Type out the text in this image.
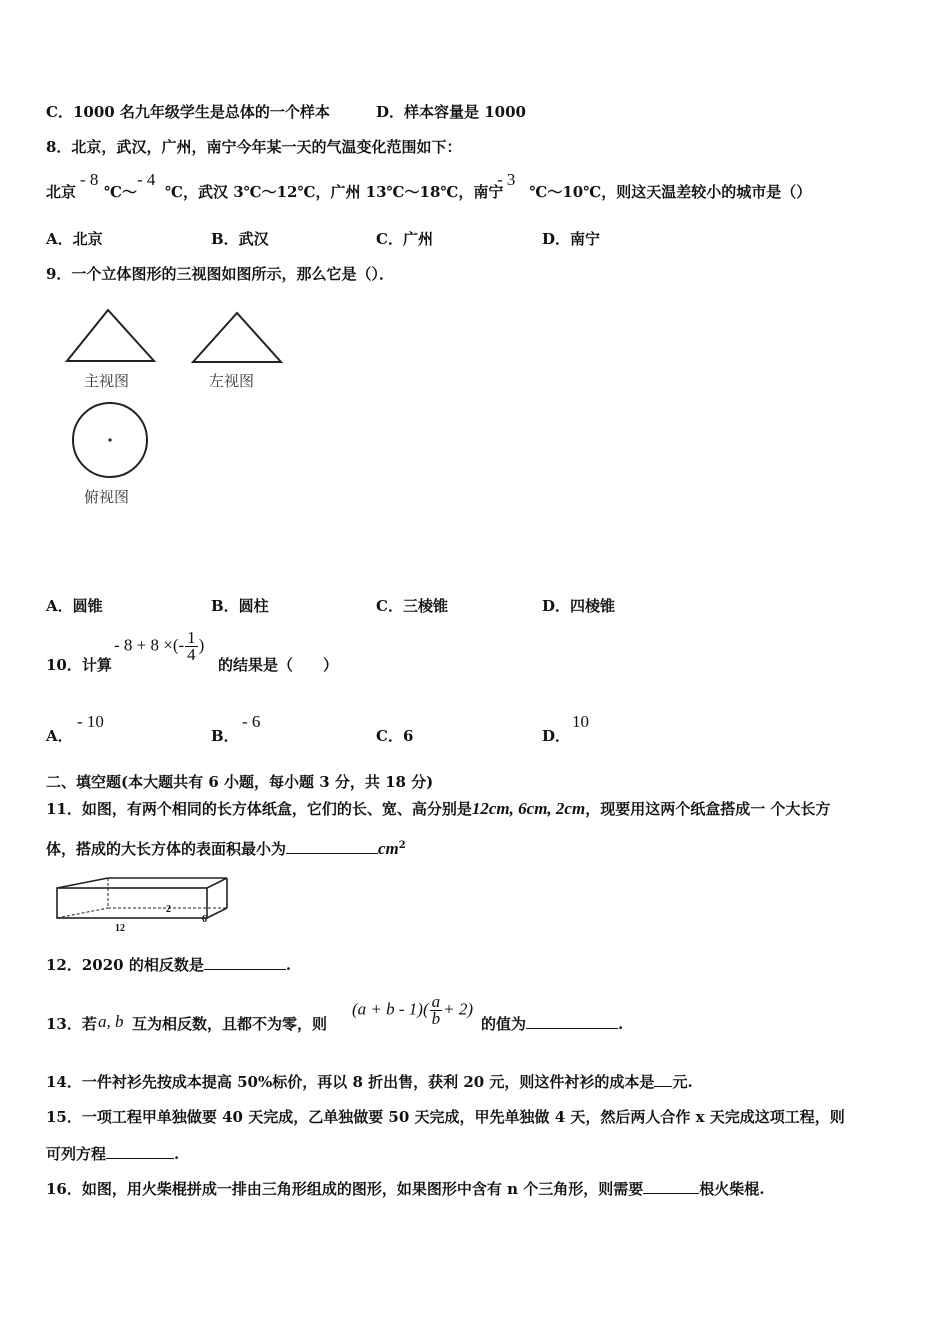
C．1000 名九年级学生是总体的一个样本	D．样本容量是 1000
8．北京，武汉，广州，南宁今年某一天的气温变化范围如下：
北京 ℃～ ℃，武汉 3℃～12℃，广州 13℃～18℃，南宁 ℃～10℃，则这天温差较小的城市是（）
- 8 - 4	- 3
A．北京	B．武汉	C．广州	D．南宁
9．一个立体图形的三视图如图所示，那么它是（）．
主视图	左视图
俯视图
A．圆锥	B．圆柱	C．三棱锥	D．四棱锥
10．计算
- 8 + 8 ×(- $\frac{1}{4}$ )
的结果是（　　）
A．
- 10
B．
- 6
C．6	D．
10
二、填空题(本大题共有 6 小题，每小题 3 分，共 18 分)
11．如图，有两个相同的长方体纸盒，它们的长、宽、高分别是12cm, 6cm, 2cm，现要用这两个纸盒搭成一 个大长方
体，搭成的大长方体的表面积最小为	$cm^2$
2
6
12
12．2020 的相反数是	.
13．若 a, b 互为相反数，且都不为零，则
$(a + b - 1)( \frac{a}{b} + 2)$
的值为	.
14．一件衬衫先按成本提高 50%标价，再以 8 折出售，获利 20 元，则这件衬衫的成本是 元.
15．一项工程甲单独做要 40 天完成，乙单独做要 50 天完成，甲先单独做 4 天，然后两人合作 x 天完成这项工程，则
可列方程	.
16．如图，用火柴棍拼成一排由三角形组成的图形，如果图形中含有 n 个三角形，则需要	根火柴棍.
